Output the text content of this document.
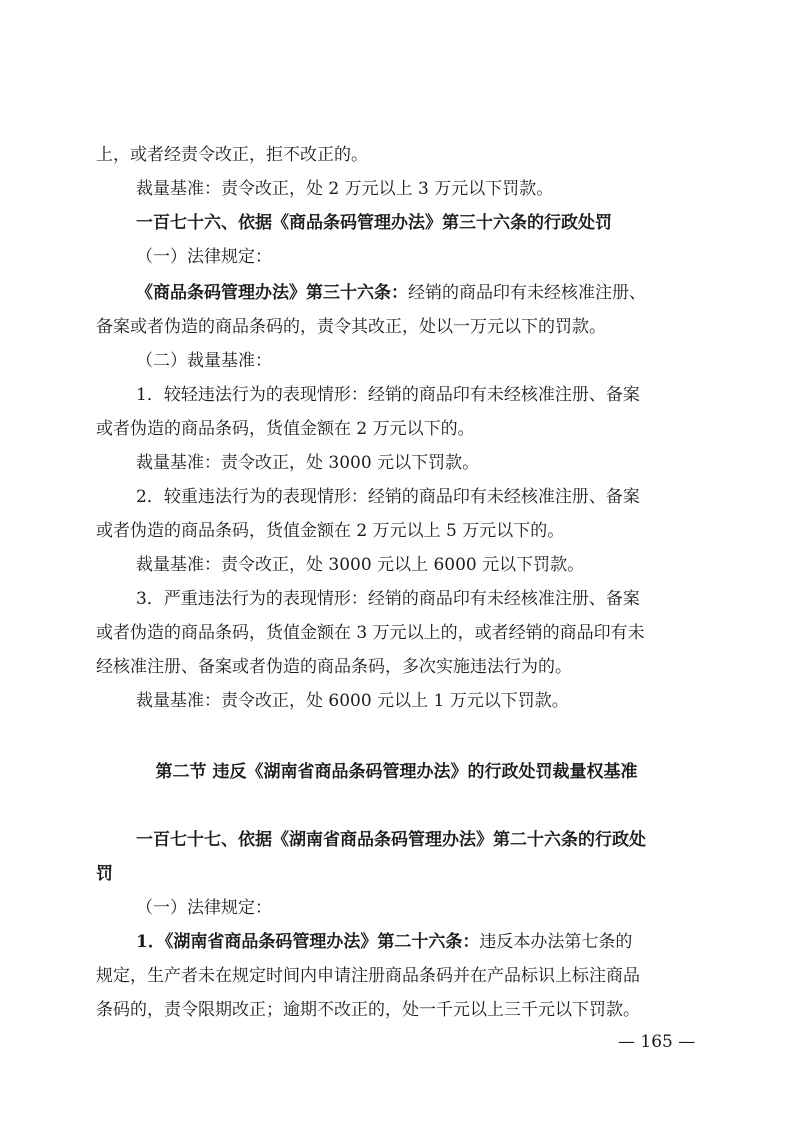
上，或者经责令改正，拒不改正的。
裁量基准：责令改正，处 2 万元以上 3 万元以下罚款。
一百七十六、依据《商品条码管理办法》第三十六条的行政处罚
（一）法律规定：
《商品条码管理办法》第三十六条：经销的商品印有未经核准注册、
备案或者伪造的商品条码的，责令其改正，处以一万元以下的罚款。
（二）裁量基准：
1．较轻违法行为的表现情形：经销的商品印有未经核准注册、备案
或者伪造的商品条码，货值金额在 2 万元以下的。
裁量基准：责令改正，处 3000 元以下罚款。
2．较重违法行为的表现情形：经销的商品印有未经核准注册、备案
或者伪造的商品条码，货值金额在 2 万元以上 5 万元以下的。
裁量基准：责令改正，处 3000 元以上 6000 元以下罚款。
3．严重违法行为的表现情形：经销的商品印有未经核准注册、备案
或者伪造的商品条码，货值金额在 3 万元以上的，或者经销的商品印有未
经核准注册、备案或者伪造的商品条码，多次实施违法行为的。
裁量基准：责令改正，处 6000 元以上 1 万元以下罚款。
第二节 违反《湖南省商品条码管理办法》的行政处罚裁量权基准
一百七十七、依据《湖南省商品条码管理办法》第二十六条的行政处
罚
（一）法律规定：
1．《湖南省商品条码管理办法》第二十六条：违反本办法第七条的
规定，生产者未在规定时间内申请注册商品条码并在产品标识上标注商品
条码的，责令限期改正；逾期不改正的，处一千元以上三千元以下罚款。
— 165 —
